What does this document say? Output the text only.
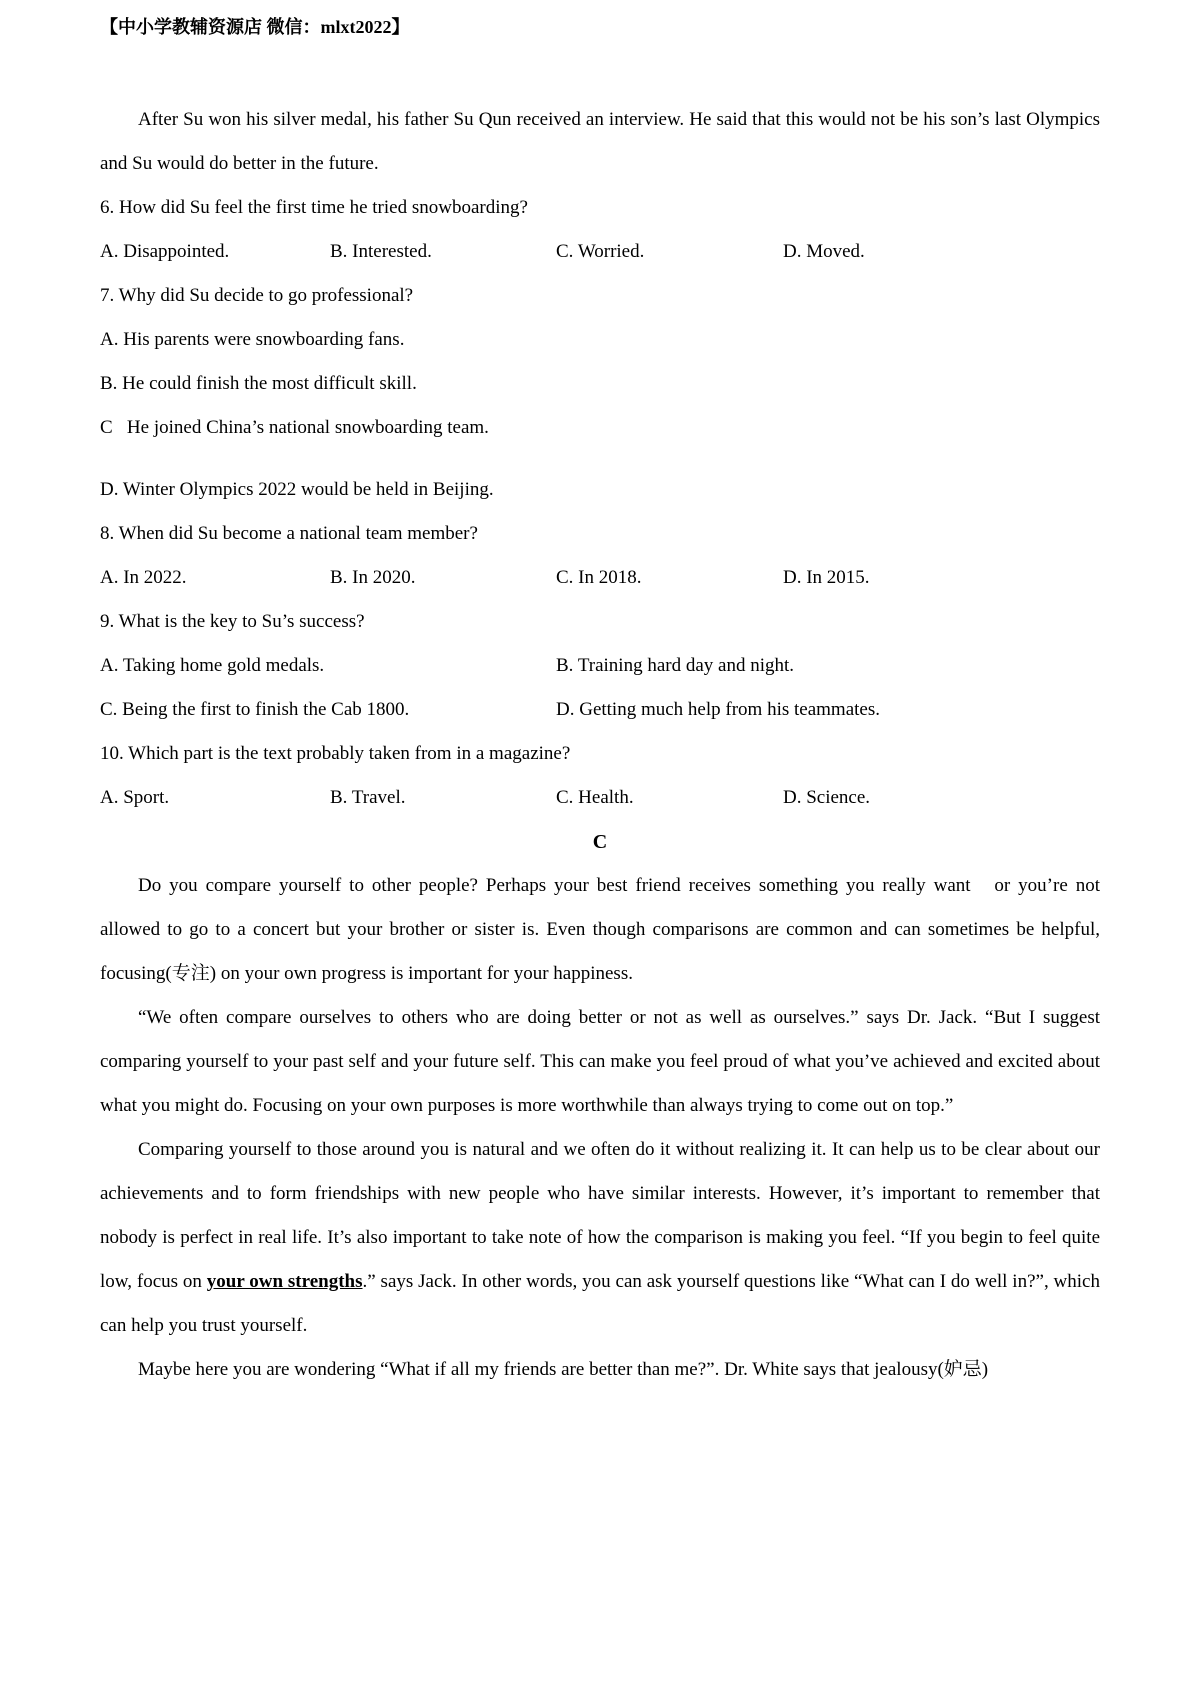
【中小学教辅资源店 微信：mlxt2022】

After Su won his silver medal, his father Su Qun received an interview. He said that this would not be his son’s last Olympics and Su would do better in the future.

6. How did Su feel the first time he tried snowboarding?
A. Disappointed.	B. Interested.	C. Worried.	D. Moved.
7. Why did Su decide to go professional?
A. His parents were snowboarding fans.
B. He could finish the most difficult skill.
C   He joined China’s national snowboarding team.
D. Winter Olympics 2022 would be held in Beijing.
8. When did Su become a national team member?
A. In 2022.	B. In 2020.	C. In 2018.	D. In 2015.
9. What is the key to Su’s success?
A. Taking home gold medals.	B. Training hard day and night.
C. Being the first to finish the Cab 1800.	D. Getting much help from his teammates.
10. Which part is the text probably taken from in a magazine?
A. Sport.	B. Travel.	C. Health.	D. Science.
C

Do you compare yourself to other people? Perhaps your best friend receives something you really want   or you’re not allowed to go to a concert but your brother or sister is. Even though comparisons are common and can sometimes be helpful, focusing(专注) on your own progress is important for your happiness.

“We often compare ourselves to others who are doing better or not as well as ourselves.” says Dr. Jack. “But I suggest comparing yourself to your past self and your future self. This can make you feel proud of what you’ve achieved and excited about what you might do. Focusing on your own purposes is more worthwhile than always trying to come out on top.”

Comparing yourself to those around you is natural and we often do it without realizing it. It can help us to be clear about our achievements and to form friendships with new people who have similar interests. However, it’s important to remember that nobody is perfect in real life. It’s also important to take note of how the comparison is making you feel. “If you begin to feel quite low, focus on your own strengths.” says Jack. In other words, you can ask yourself questions like “What can I do well in?”, which can help you trust yourself.

Maybe here you are wondering “What if all my friends are better than me?”. Dr. White says that jealousy(妒忌)
